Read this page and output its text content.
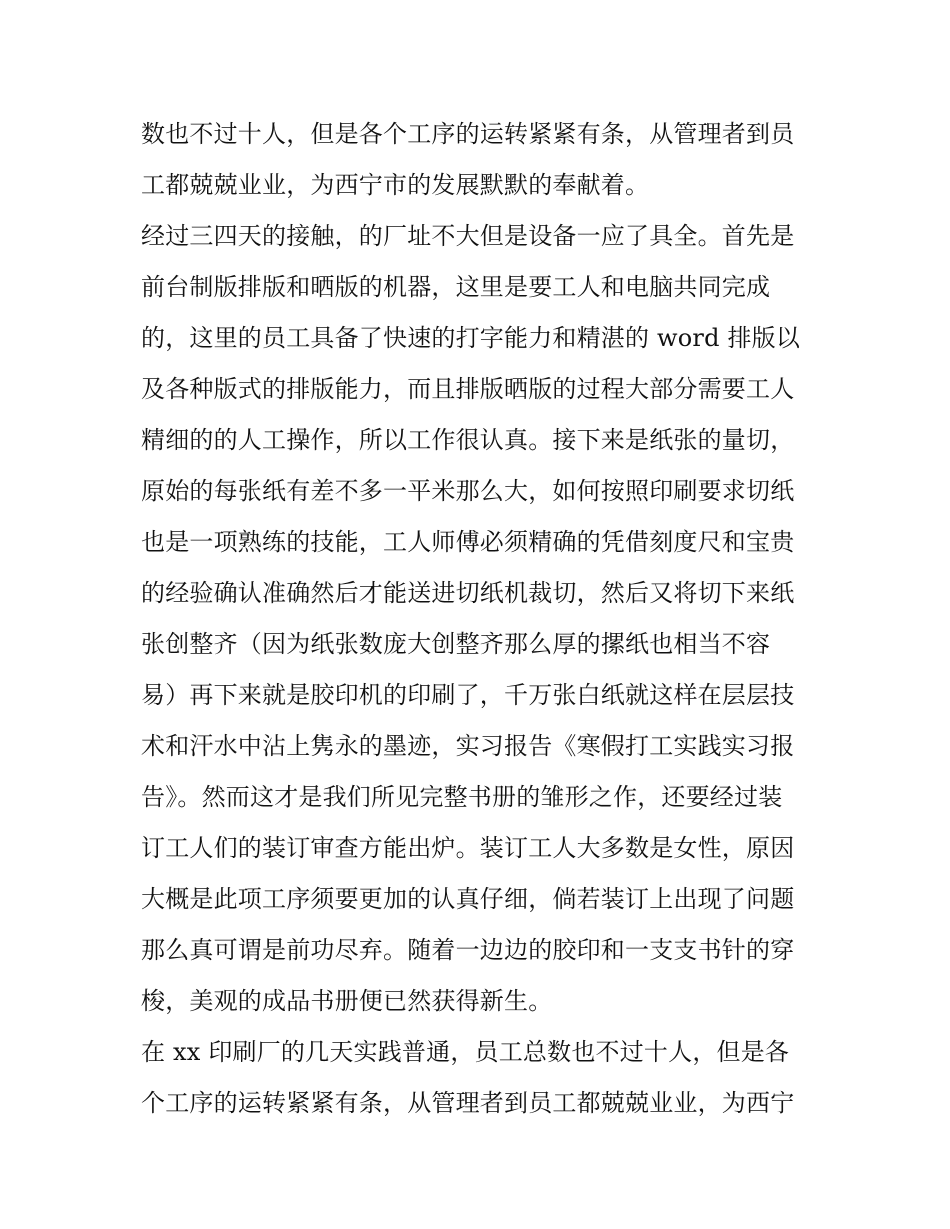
数也不过十人，但是各个工序的运转紧紧有条，从管理者到员
工都兢兢业业，为西宁市的发展默默的奉献着。
经过三四天的接触，的厂址不大但是设备一应了具全。首先是
前台制版排版和晒版的机器，这里是要工人和电脑共同完成
的，这里的员工具备了快速的打字能力和精湛的 word 排版以
及各种版式的排版能力，而且排版晒版的过程大部分需要工人
精细的的人工操作，所以工作很认真。接下来是纸张的量切，
原始的每张纸有差不多一平米那么大，如何按照印刷要求切纸
也是一项熟练的技能，工人师傅必须精确的凭借刻度尺和宝贵
的经验确认准确然后才能送进切纸机裁切，然后又将切下来纸
张创整齐（因为纸张数庞大创整齐那么厚的摞纸也相当不容
易）再下来就是胶印机的印刷了，千万张白纸就这样在层层技
术和汗水中沾上隽永的墨迹，实习报告《寒假打工实践实习报
告》。然而这才是我们所见完整书册的雏形之作，还要经过装
订工人们的装订审查方能出炉。装订工人大多数是女性，原因
大概是此项工序须要更加的认真仔细，倘若装订上出现了问题
那么真可谓是前功尽弃。随着一边边的胶印和一支支书针的穿
梭，美观的成品书册便已然获得新生。
在 xx 印刷厂的几天实践普通，员工总数也不过十人，但是各
个工序的运转紧紧有条，从管理者到员工都兢兢业业，为西宁
